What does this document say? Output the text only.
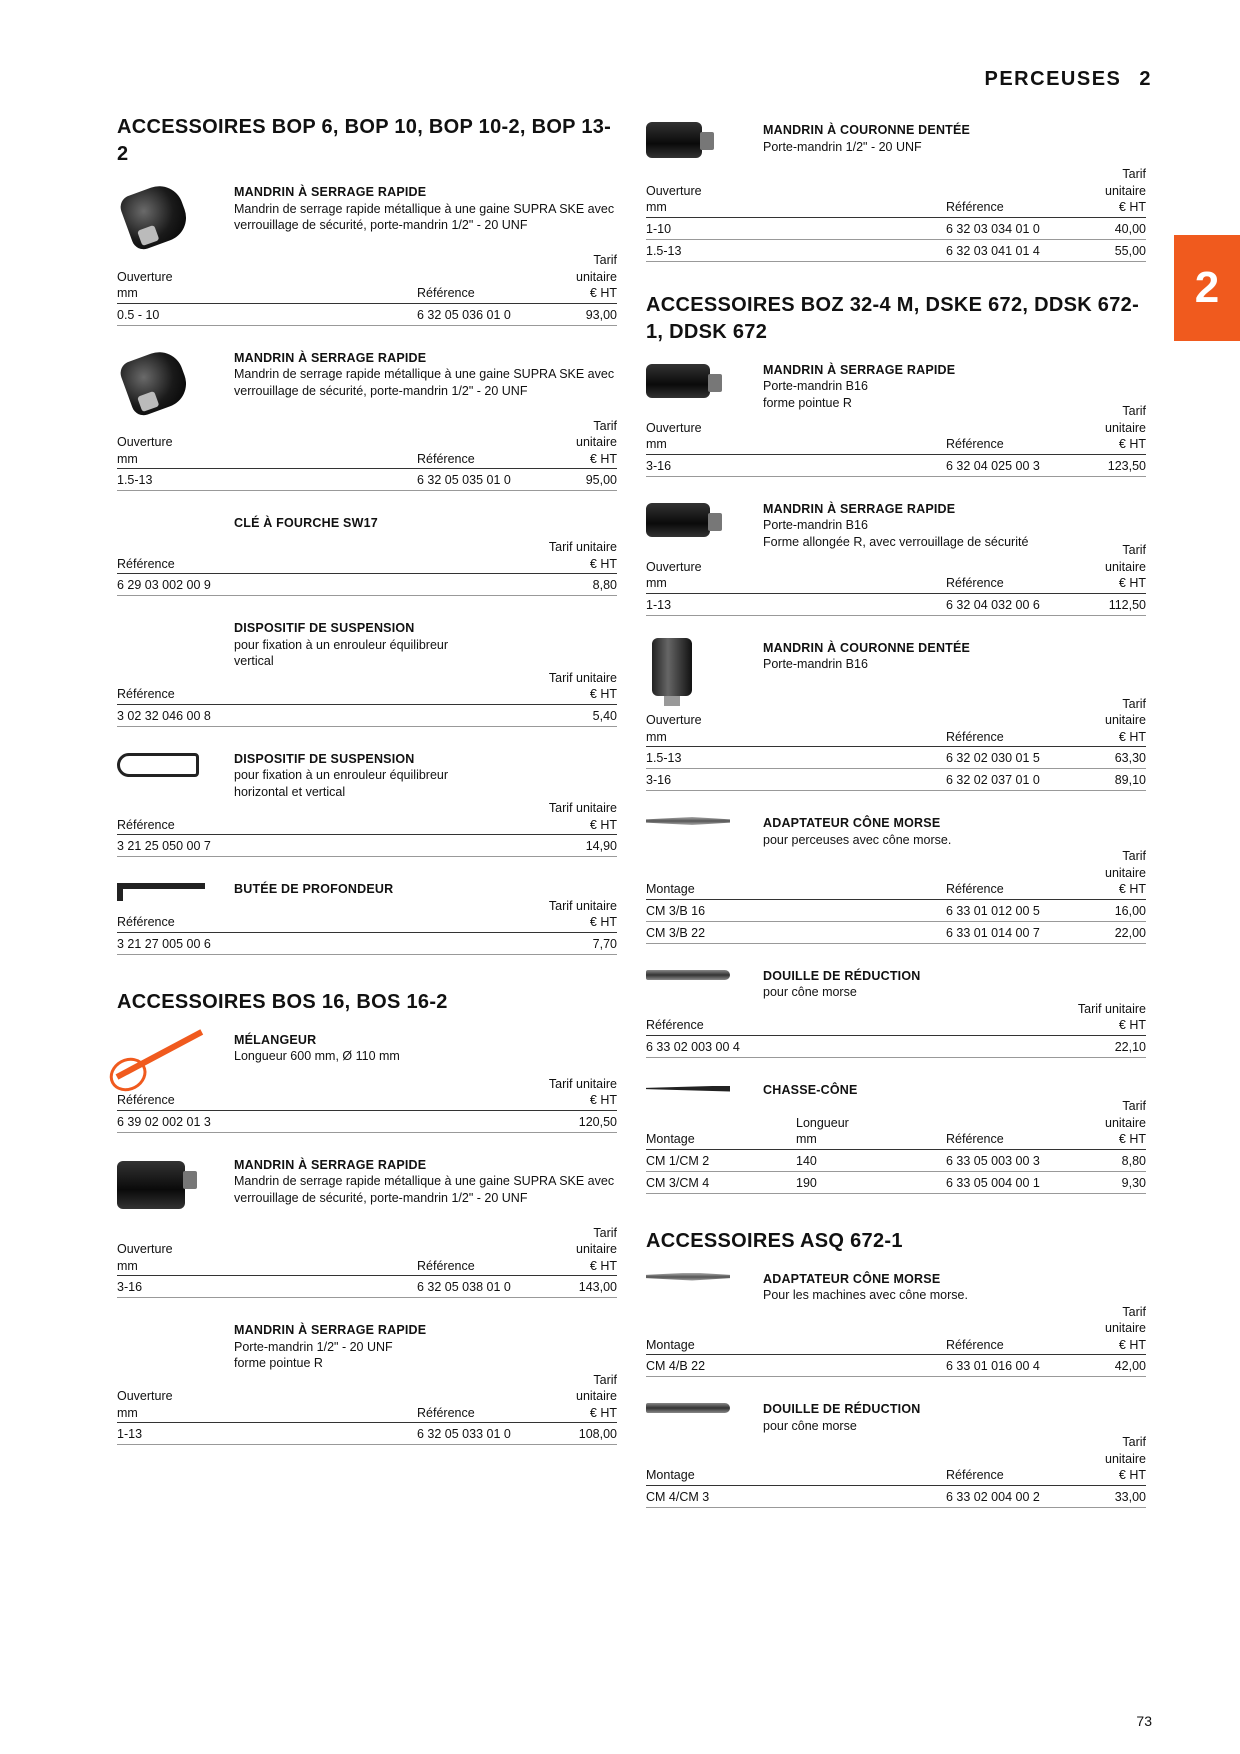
PERCEUSES 2
2
ACCESSOIRES BOP 6, BOP 10, BOP 10-2, BOP 13-2
MANDRIN À SERRAGE RAPIDE
Mandrin de serrage rapide métallique à une gaine SUPRA SKE avec verrouillage de sécurité, porte-mandrin 1/2" - 20 UNF
Ouverture
mm	Référence	Tarif unitaire
€ HT
0.5 - 10	6 32 05 036 01 0	93,00
MANDRIN À SERRAGE RAPIDE
Mandrin de serrage rapide métallique à une gaine SUPRA SKE avec verrouillage de sécurité, porte-mandrin 1/2" - 20 UNF
Ouverture
mm	Référence	Tarif unitaire
€ HT
1.5-13	6 32 05 035 01 0	95,00
CLÉ À FOURCHE SW17
Référence	Tarif unitaire
€ HT
6 29 03 002 00 9	8,80
DISPOSITIF DE SUSPENSION
pour fixation à un enrouleur équilibreur vertical
Référence	Tarif unitaire
€ HT
3 02 32 046 00 8	5,40
DISPOSITIF DE SUSPENSION
pour fixation à un enrouleur équilibreur horizontal et vertical
Référence	Tarif unitaire
€ HT
3 21 25 050 00 7	14,90
BUTÉE DE PROFONDEUR
Référence	Tarif unitaire
€ HT
3 21 27 005 00 6	7,70
ACCESSOIRES BOS 16, BOS 16-2
MÉLANGEUR
Longueur 600 mm, Ø 110 mm
Référence	Tarif unitaire
€ HT
6 39 02 002 01 3	120,50
MANDRIN À SERRAGE RAPIDE
Mandrin de serrage rapide métallique à une gaine SUPRA SKE avec verrouillage de sécurité, porte-mandrin 1/2" - 20 UNF
Ouverture
mm	Référence	Tarif unitaire
€ HT
3-16	6 32 05 038 01 0	143,00
MANDRIN À SERRAGE RAPIDE
Porte-mandrin 1/2" - 20 UNF
forme pointue R
Ouverture
mm	Référence	Tarif unitaire
€ HT
1-13	6 32 05 033 01 0	108,00
MANDRIN À COURONNE DENTÉE
Porte-mandrin 1/2" - 20 UNF
Ouverture
mm	Référence	Tarif unitaire
€ HT
1-10	6 32 03 034 01 0	40,00
1.5-13	6 32 03 041 01 4	55,00
ACCESSOIRES BOZ 32-4 M, DSKE 672, DDSK 672-1, DDSK 672
MANDRIN À SERRAGE RAPIDE
Porte-mandrin B16
forme pointue R
Ouverture
mm	Référence	Tarif unitaire
€ HT
3-16	6 32 04 025 00 3	123,50
MANDRIN À SERRAGE RAPIDE
Porte-mandrin B16
Forme allongée R, avec verrouillage de sécurité
Ouverture
mm	Référence	Tarif unitaire
€ HT
1-13	6 32 04 032 00 6	112,50
MANDRIN À COURONNE DENTÉE
Porte-mandrin B16
Ouverture
mm	Référence	Tarif unitaire
€ HT
1.5-13	6 32 02 030 01 5	63,30
3-16	6 32 02 037 01 0	89,10
ADAPTATEUR CÔNE MORSE
pour perceuses avec cône morse.
Montage	Référence	Tarif unitaire
€ HT
CM 3/B 16	6 33 01 012 00 5	16,00
CM 3/B 22	6 33 01 014 00 7	22,00
DOUILLE DE RÉDUCTION
pour cône morse
Référence	Tarif unitaire
€ HT
6 33 02 003 00 4	22,10
CHASSE-CÔNE
Montage	Longueur
mm	Référence	Tarif unitaire
€ HT
CM 1/CM 2	140	6 33 05 003 00 3	8,80
CM 3/CM 4	190	6 33 05 004 00 1	9,30
ACCESSOIRES ASQ 672-1
ADAPTATEUR CÔNE MORSE
Pour les machines avec cône morse.
Montage	Référence	Tarif unitaire
€ HT
CM 4/B 22	6 33 01 016 00 4	42,00
DOUILLE DE RÉDUCTION
pour cône morse
Montage	Référence	Tarif unitaire
€ HT
CM 4/CM 3	6 33 02 004 00 2	33,00
73
